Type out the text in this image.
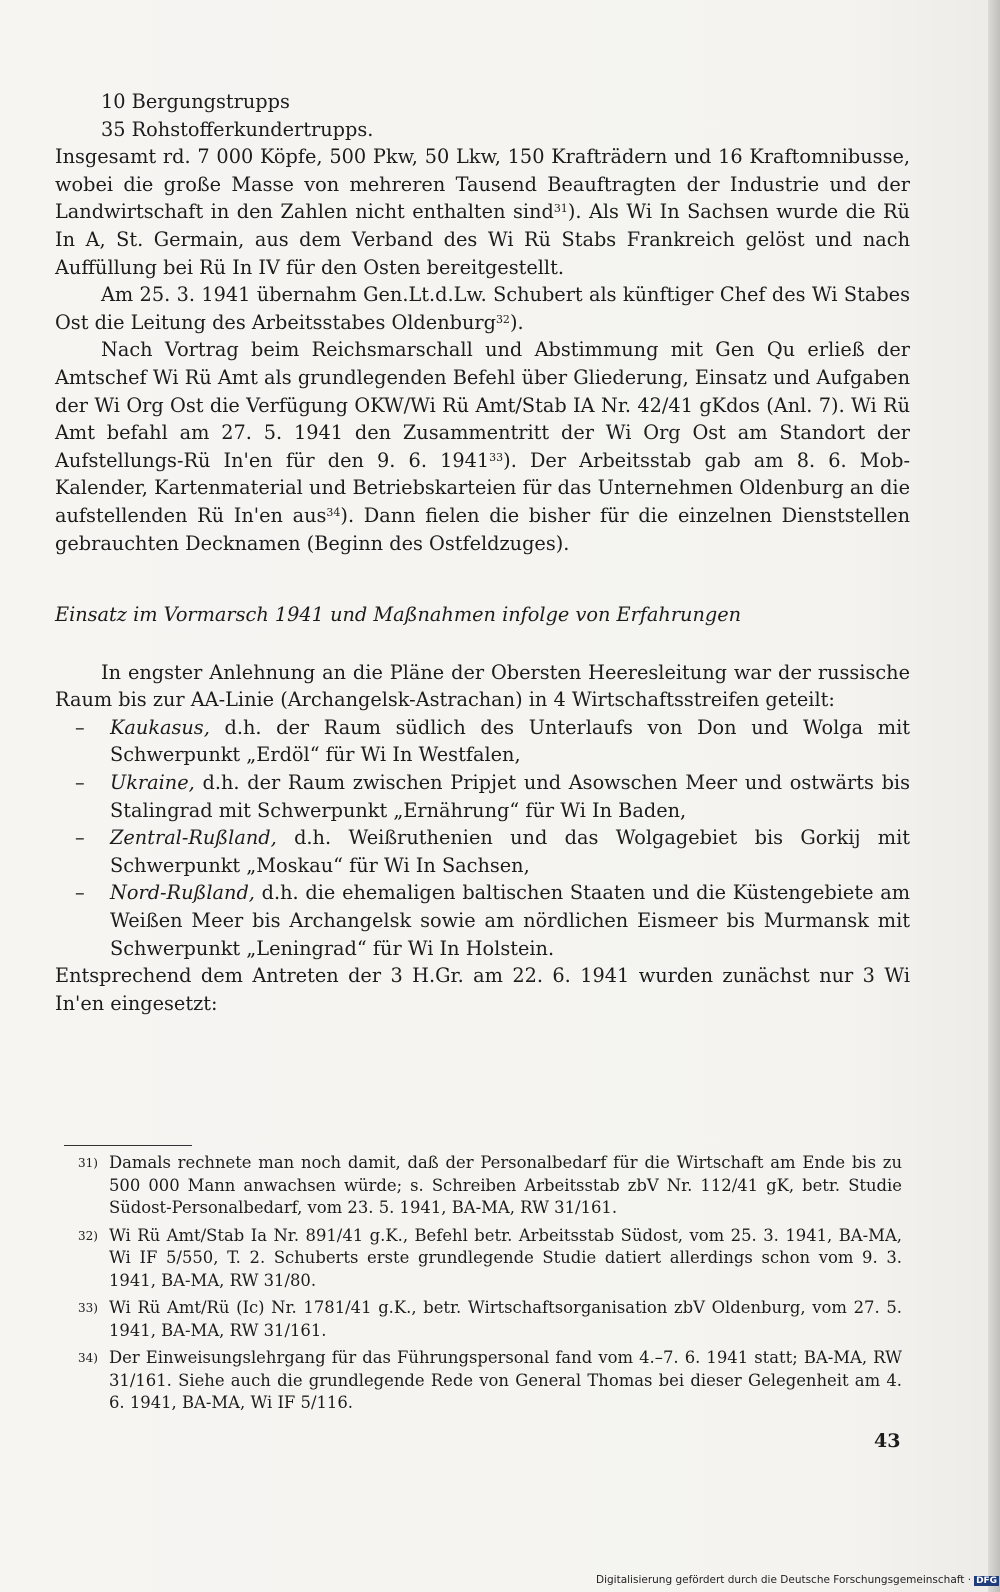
10 Bergungstrupps

35 Rohstofferkundertrupps.

Insgesamt rd. 7 000 Köpfe, 500 Pkw, 50 Lkw, 150 Krafträdern und 16 Kraftomnibusse, wobei die große Masse von mehreren Tausend Beauftragten der Industrie und der Landwirtschaft in den Zahlen nicht enthalten sind$^{31}$). Als Wi In Sachsen wurde die Rü In A, St. Germain, aus dem Verband des Wi Rü Stabs Frankreich gelöst und nach Auffüllung bei Rü In IV für den Osten bereitgestellt.

Am 25. 3. 1941 übernahm Gen.Lt.d.Lw. Schubert als künftiger Chef des Wi Stabes Ost die Leitung des Arbeitsstabes Oldenburg$^{32}$).

Nach Vortrag beim Reichsmarschall und Abstimmung mit Gen Qu erließ der Amtschef Wi Rü Amt als grundlegenden Befehl über Gliederung, Einsatz und Aufgaben der Wi Org Ost die Verfügung OKW/Wi Rü Amt/Stab IA Nr. 42/41 gKdos (Anl. 7). Wi Rü Amt befahl am 27. 5. 1941 den Zusammentritt der Wi Org Ost am Standort der Aufstellungs-Rü In'en für den 9. 6. 1941$^{33}$). Der Arbeitsstab gab am 8. 6. Mob-Kalender, Kartenmaterial und Betriebskarteien für das Unternehmen Oldenburg an die aufstellenden Rü In'en aus$^{34}$). Dann fielen die bisher für die einzelnen Dienststellen gebrauchten Decknamen (Beginn des Ostfeldzuges).

Einsatz im Vormarsch 1941 und Maßnahmen infolge von Erfahrungen

In engster Anlehnung an die Pläne der Obersten Heeresleitung war der russische Raum bis zur AA-Linie (Archangelsk-Astrachan) in 4 Wirtschaftsstreifen geteilt:

– Kaukasus, d.h. der Raum südlich des Unterlaufs von Don und Wolga mit Schwerpunkt „Erdöl“ für Wi In Westfalen,
– Ukraine, d.h. der Raum zwischen Pripjet und Asowschen Meer und ostwärts bis Stalingrad mit Schwerpunkt „Ernährung“ für Wi In Baden,
– Zentral-Rußland, d.h. Weißruthenien und das Wolgagebiet bis Gorkij mit Schwerpunkt „Moskau“ für Wi In Sachsen,
– Nord-Rußland, d.h. die ehemaligen baltischen Staaten und die Küstengebiete am Weißen Meer bis Archangelsk sowie am nördlichen Eismeer bis Murmansk mit Schwerpunkt „Leningrad“ für Wi In Holstein.

Entsprechend dem Antreten der 3 H.Gr. am 22. 6. 1941 wurden zunächst nur 3 Wi In'en eingesetzt:

31) Damals rechnete man noch damit, daß der Personalbedarf für die Wirtschaft am Ende bis zu 500 000 Mann anwachsen würde; s. Schreiben Arbeitsstab zbV Nr. 112/41 gK, betr. Studie Südost-Personalbedarf, vom 23. 5. 1941, BA-MA, RW 31/161.
32) Wi Rü Amt/Stab Ia Nr. 891/41 g.K., Befehl betr. Arbeitsstab Südost, vom 25. 3. 1941, BA-MA, Wi IF 5/550, T. 2. Schuberts erste grundlegende Studie datiert allerdings schon vom 9. 3. 1941, BA-MA, RW 31/80.
33) Wi Rü Amt/Rü (Ic) Nr. 1781/41 g.K., betr. Wirtschaftsorganisation zbV Oldenburg, vom 27. 5. 1941, BA-MA, RW 31/161.
34) Der Einweisungslehrgang für das Führungspersonal fand vom 4.–7. 6. 1941 statt; BA-MA, RW 31/161. Siehe auch die grundlegende Rede von General Thomas bei dieser Gelegenheit am 4. 6. 1941, BA-MA, Wi IF 5/116.
43
Digitalisierung gefördert durch die Deutsche Forschungsgemeinschaft · DFG
